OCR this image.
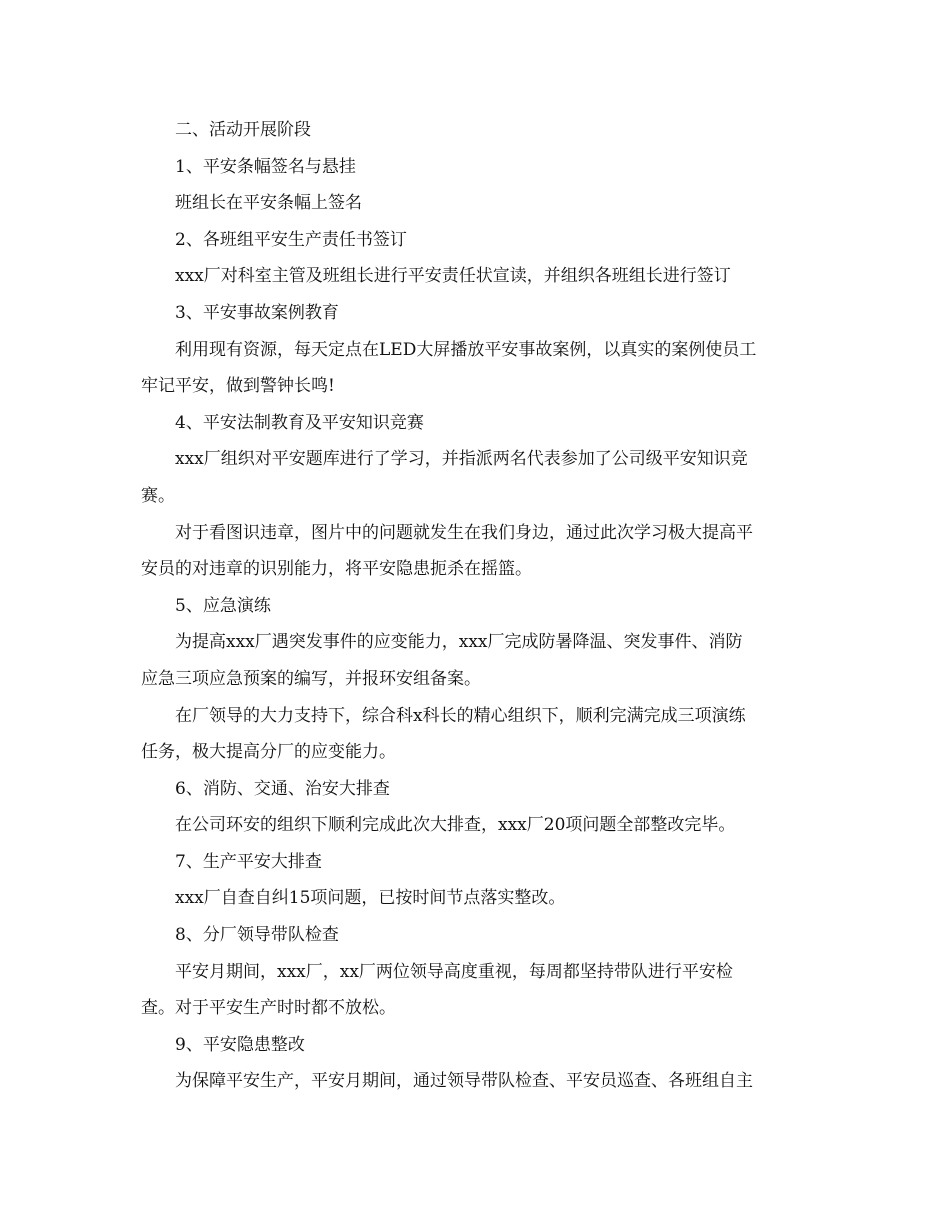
二、活动开展阶段
1、平安条幅签名与悬挂
班组长在平安条幅上签名
2、各班组平安生产责任书签订
xxx厂对科室主管及班组长进行平安责任状宣读，并组织各班组长进行签订
3、平安事故案例教育
利用现有资源，每天定点在LED大屏播放平安事故案例，以真实的案例使员工
牢记平安，做到警钟长鸣!
4、平安法制教育及平安知识竞赛
xxx厂组织对平安题库进行了学习，并指派两名代表参加了公司级平安知识竞
赛。
对于看图识违章，图片中的问题就发生在我们身边，通过此次学习极大提高平
安员的对违章的识别能力，将平安隐患扼杀在摇篮。
5、应急演练
为提高xxx厂遇突发事件的应变能力，xxx厂完成防暑降温、突发事件、消防
应急三项应急预案的编写，并报环安组备案。
在厂领导的大力支持下，综合科x科长的精心组织下，顺利完满完成三项演练
任务，极大提高分厂的应变能力。
6、消防、交通、治安大排查
在公司环安的组织下顺利完成此次大排查，xxx厂20项问题全部整改完毕。
7、生产平安大排查
xxx厂自查自纠15项问题，已按时间节点落实整改。
8、分厂领导带队检查
平安月期间，xxx厂，xx厂两位领导高度重视，每周都坚持带队进行平安检
查。对于平安生产时时都不放松。
9、平安隐患整改
为保障平安生产，平安月期间，通过领导带队检查、平安员巡查、各班组自主
